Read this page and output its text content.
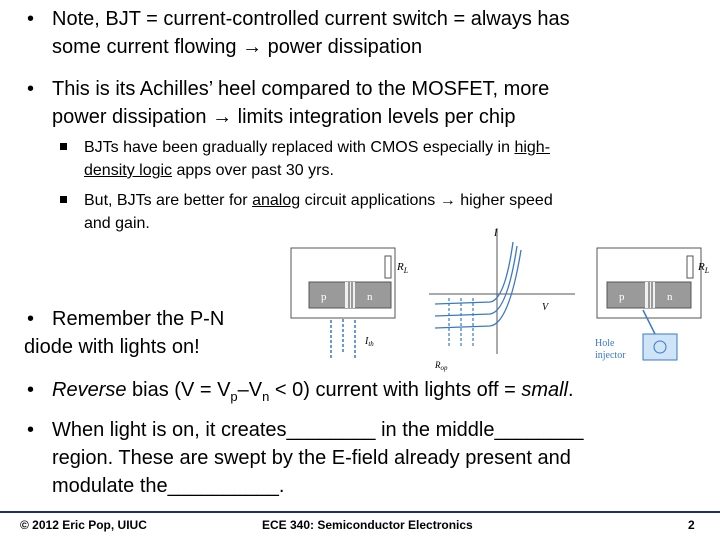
• Note, BJT = current-controlled current switch = always has
some current flowing → power dissipation
• This is its Achilles’ heel compared to the MOSFET, more
power dissipation → limits integration levels per chip
BJTs have been gradually replaced with CMOS especially in high-
density logic apps over past 30 yrs.
But, BJTs are better for analog circuit applications → higher speed
and gain.
$R_L$
p	n
$I_{th}$
I
V
$R_{op}$
$R_L$
p	n
Hole injector
• Remember the P-N
diode with lights on!
• Reverse bias $(V = V_p-V_n < 0)$ current with lights off = small.
• When light is on, it creates________ in the middle________
region. These are swept by the E-field already present and
modulate the__________.
© 2012 Eric Pop, UIUC	ECE 340: Semiconductor Electronics	2
